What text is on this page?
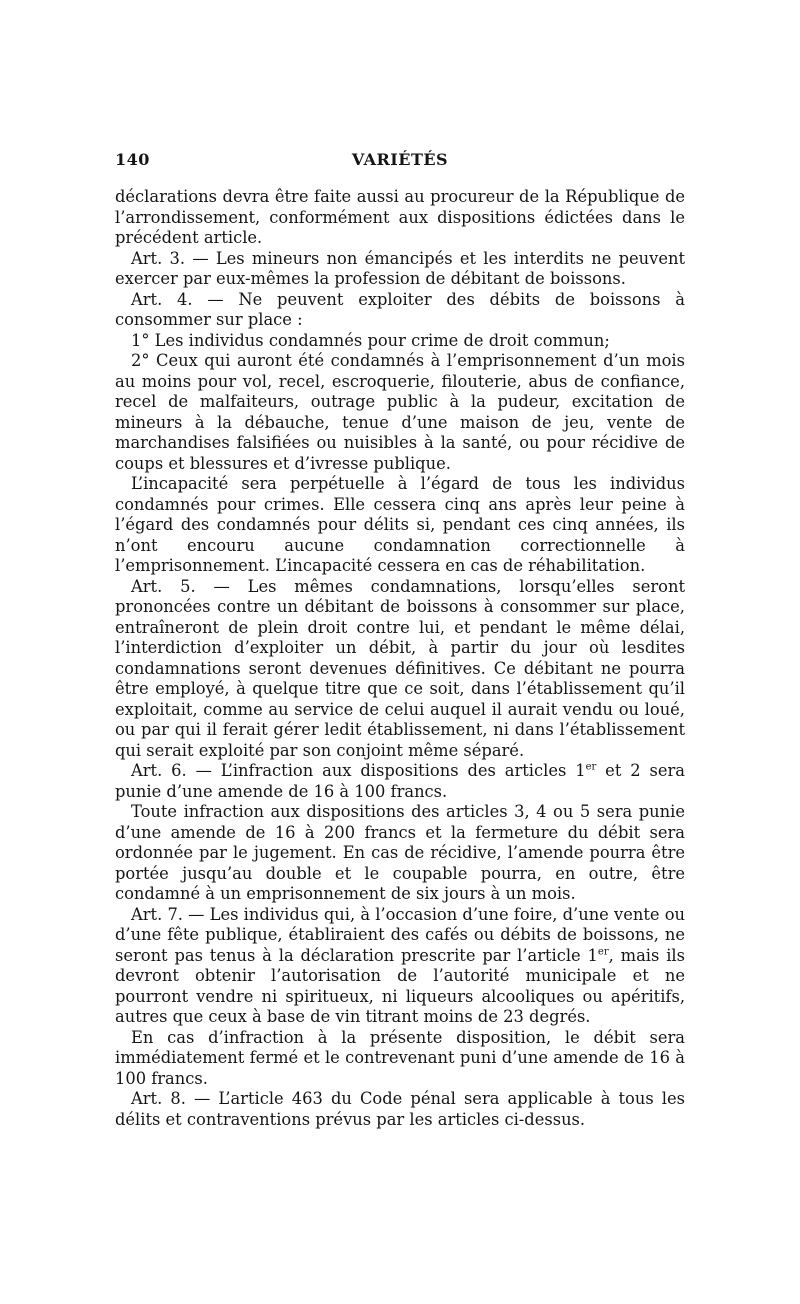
140	VARIÉTÉS

déclarations devra être faite aussi au procureur de la République de l’arrondissement, conformément aux dispositions édictées dans le précédent article.

Art. 3. — Les mineurs non émancipés et les interdits ne peuvent exercer par eux-mêmes la profession de débitant de boissons.

Art. 4. — Ne peuvent exploiter des débits de boissons à consommer sur place :

1° Les individus condamnés pour crime de droit commun;

2° Ceux qui auront été condamnés à l’emprisonnement d’un mois au moins pour vol, recel, escroquerie, filouterie, abus de confiance, recel de malfaiteurs, outrage public à la pudeur, excitation de mineurs à la débauche, tenue d’une maison de jeu, vente de marchandises falsifiées ou nuisibles à la santé, ou pour récidive de coups et blessures et d’ivresse publique.

L’incapacité sera perpétuelle à l’égard de tous les individus condamnés pour crimes. Elle cessera cinq ans après leur peine à l’égard des condamnés pour délits si, pendant ces cinq années, ils n’ont encouru aucune condamnation correctionnelle à l’emprisonnement. L’incapacité cessera en cas de réhabilitation.

Art. 5. — Les mêmes condamnations, lorsqu’elles seront prononcées contre un débitant de boissons à consommer sur place, entraîneront de plein droit contre lui, et pendant le même délai, l’interdiction d’exploiter un débit, à partir du jour où lesdites condamnations seront devenues définitives. Ce débitant ne pourra être employé, à quelque titre que ce soit, dans l’établissement qu’il exploitait, comme au service de celui auquel il aurait vendu ou loué, ou par qui il ferait gérer ledit établissement, ni dans l’établissement qui serait exploité par son conjoint même séparé.

Art. 6. — L’infraction aux dispositions des articles 1er et 2 sera punie d’une amende de 16 à 100 francs.

Toute infraction aux dispositions des articles 3, 4 ou 5 sera punie d’une amende de 16 à 200 francs et la fermeture du débit sera ordonnée par le jugement. En cas de récidive, l’amende pourra être portée jusqu’au double et le coupable pourra, en outre, être condamné à un emprisonnement de six jours à un mois.

Art. 7. — Les individus qui, à l’occasion d’une foire, d’une vente ou d’une fête publique, établiraient des cafés ou débits de boissons, ne seront pas tenus à la déclaration prescrite par l’article 1er, mais ils devront obtenir l’autorisation de l’autorité municipale et ne pourront vendre ni spiritueux, ni liqueurs alcooliques ou apéritifs, autres que ceux à base de vin titrant moins de 23 degrés.

En cas d’infraction à la présente disposition, le débit sera immédiatement fermé et le contrevenant puni d’une amende de 16 à 100 francs.

Art. 8. — L’article 463 du Code pénal sera applicable à tous les délits et contraventions prévus par les articles ci-dessus.
